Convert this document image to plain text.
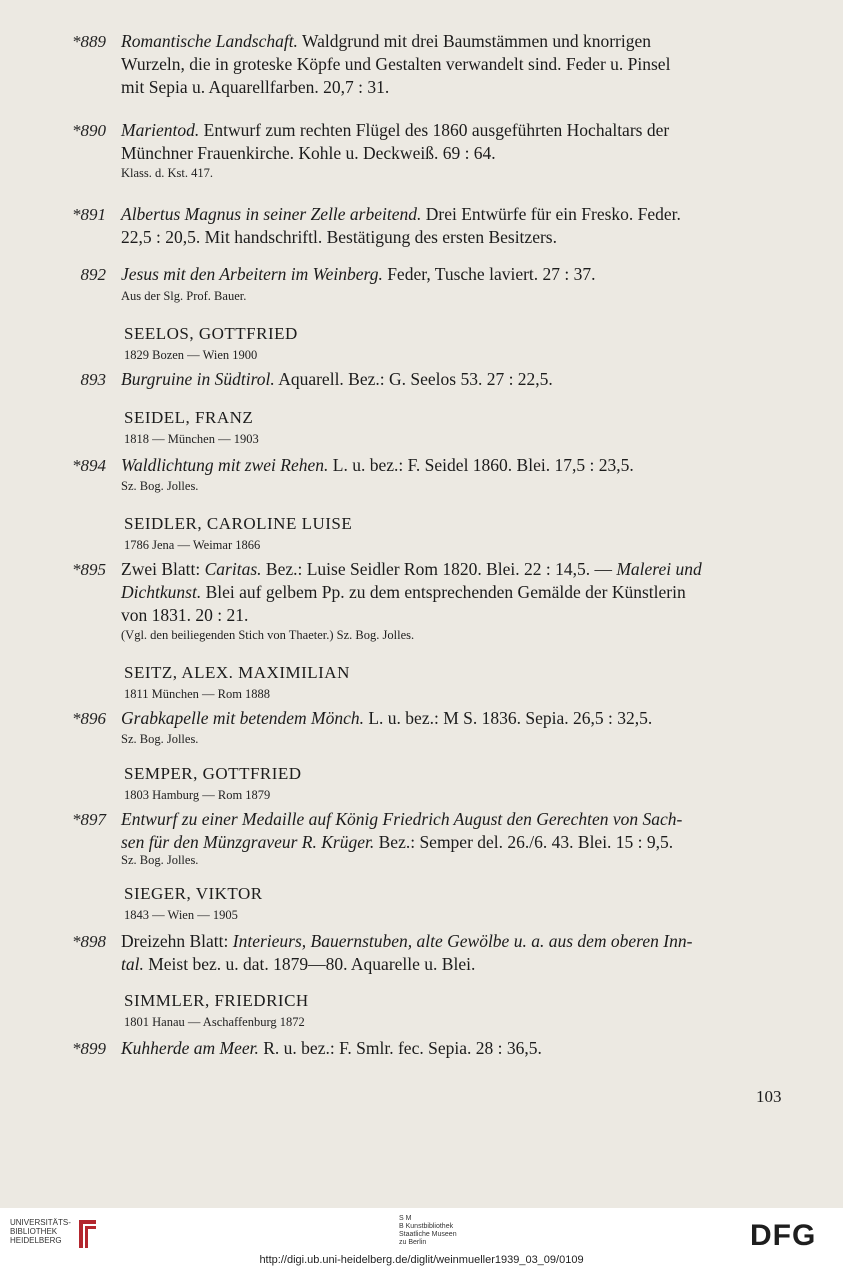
*889 Romantische Landschaft. Waldgrund mit drei Baumstämmen und knorrigen
Wurzeln, die in groteske Köpfe und Gestalten verwandelt sind. Feder u. Pinsel
mit Sepia u. Aquarellfarben. 20,7 : 31.
*890 Marientod. Entwurf zum rechten Flügel des 1860 ausgeführten Hochaltars der
Münchner Frauenkirche. Kohle u. Deckweiß. 69 : 64.
Klass. d. Kst. 417.
*891 Albertus Magnus in seiner Zelle arbeitend. Drei Entwürfe für ein Fresko. Feder.
22,5 : 20,5. Mit handschriftl. Bestätigung des ersten Besitzers.
892 Jesus mit den Arbeitern im Weinberg. Feder, Tusche laviert. 27 : 37.
Aus der Slg. Prof. Bauer.
SEELOS, GOTTFRIED
1829 Bozen — Wien 1900
893 Burgruine in Südtirol. Aquarell. Bez.: G. Seelos 53. 27 : 22,5.
SEIDEL, FRANZ
1818 — München — 1903
*894 Waldlichtung mit zwei Rehen. L. u. bez.: F. Seidel 1860. Blei. 17,5 : 23,5.
Sz. Bog. Jolles.
SEIDLER, CAROLINE LUISE
1786 Jena — Weimar 1866
*895 Zwei Blatt: Caritas. Bez.: Luise Seidler Rom 1820. Blei. 22 : 14,5. — Malerei und
Dichtkunst. Blei auf gelbem Pp. zu dem entsprechenden Gemälde der Künstlerin
von 1831. 20 : 21.
(Vgl. den beiliegenden Stich von Thaeter.) Sz. Bog. Jolles.
SEITZ, ALEX. MAXIMILIAN
1811 München — Rom 1888
*896 Grabkapelle mit betendem Mönch. L. u. bez.: M S. 1836. Sepia. 26,5 : 32,5.
Sz. Bog. Jolles.
SEMPER, GOTTFRIED
1803 Hamburg — Rom 1879
*897 Entwurf zu einer Medaille auf König Friedrich August den Gerechten von Sach-
sen für den Münzgraveur R. Krüger. Bez.: Semper del. 26./6. 43. Blei. 15 : 9,5.
Sz. Bog. Jolles.
SIEGER, VIKTOR
1843 — Wien — 1905
*898 Dreizehn Blatt: Interieurs, Bauernstuben, alte Gewölbe u. a. aus dem oberen Inn-
tal. Meist bez. u. dat. 1879—80. Aquarelle u. Blei.
SIMMLER, FRIEDRICH
1801 Hanau — Aschaffenburg 1872
*899 Kuhherde am Meer. R. u. bez.: F. Smlr. fec. Sepia. 28 : 36,5.
103
UNIVERSITÄTS-
BIBLIOTHEK
HEIDELBERG
S M
B Kunstbibliothek
Staatliche Museen
zu Berlin	DFG
http://digi.ub.uni-heidelberg.de/diglit/weinmueller1939_03_09/0109
